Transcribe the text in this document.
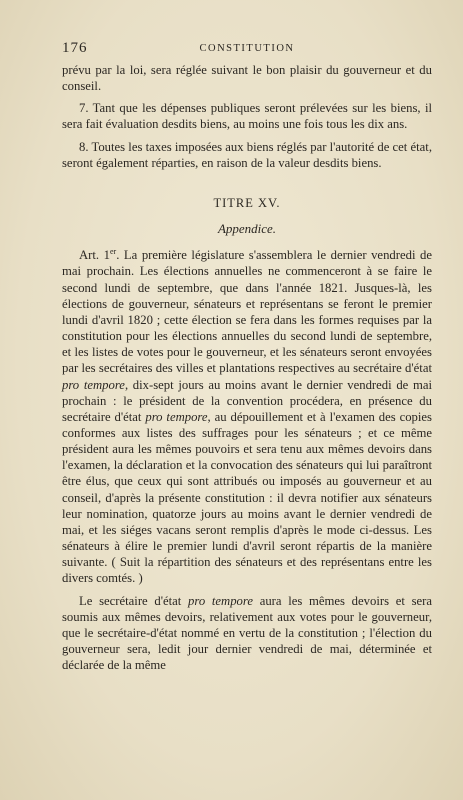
176	CONSTITUTION

prévu par la loi, sera réglée suivant le bon plaisir du gouverneur et du conseil.

7. Tant que les dépenses publiques seront prélevées sur les biens, il sera fait évaluation desdits biens, au moins une fois tous les dix ans.

8. Toutes les taxes imposées aux biens réglés par l'autorité de cet état, seront également réparties, en raison de la valeur desdits biens.

TITRE XV.
Appendice.

Art. 1er. La première législature s'assemblera le dernier vendredi de mai prochain. Les élections annuelles ne commenceront à se faire le second lundi de septembre, que dans l'année 1821. Jusques-là, les élections de gouverneur, sénateurs et représentans se feront le premier lundi d'avril 1820 ; cette élection se fera dans les formes requises par la constitution pour les élections annuelles du second lundi de septembre, et les listes de votes pour le gouverneur, et les sénateurs seront envoyées par les secrétaires des villes et plantations respectives au secrétaire d'état pro tempore, dix-sept jours au moins avant le dernier vendredi de mai prochain : le président de la convention procédera, en présence du secrétaire d'état pro tempore, au dépouillement et à l'examen des copies conformes aux listes des suffrages pour les sénateurs ; et ce même président aura les mêmes pouvoirs et sera tenu aux mêmes devoirs dans l'examen, la déclaration et la convocation des sénateurs qui lui paraîtront être élus, que ceux qui sont attribués ou imposés au gouverneur et au conseil, d'après la présente constitution : il devra notifier aux sénateurs leur nomination, quatorze jours au moins avant le dernier vendredi de mai, et les siéges vacans seront remplis d'après le mode ci-dessus. Les sénateurs à élire le premier lundi d'avril seront répartis de la manière suivante. ( Suit la répartition des sénateurs et des représentans entre les divers comtés. )

Le secrétaire d'état pro tempore aura les mêmes devoirs et sera soumis aux mêmes devoirs, relativement aux votes pour le gouverneur, que le secrétaire-d'état nommé en vertu de la constitution ; l'élection du gouverneur sera, ledit jour dernier vendredi de mai, déterminée et déclarée de la même
